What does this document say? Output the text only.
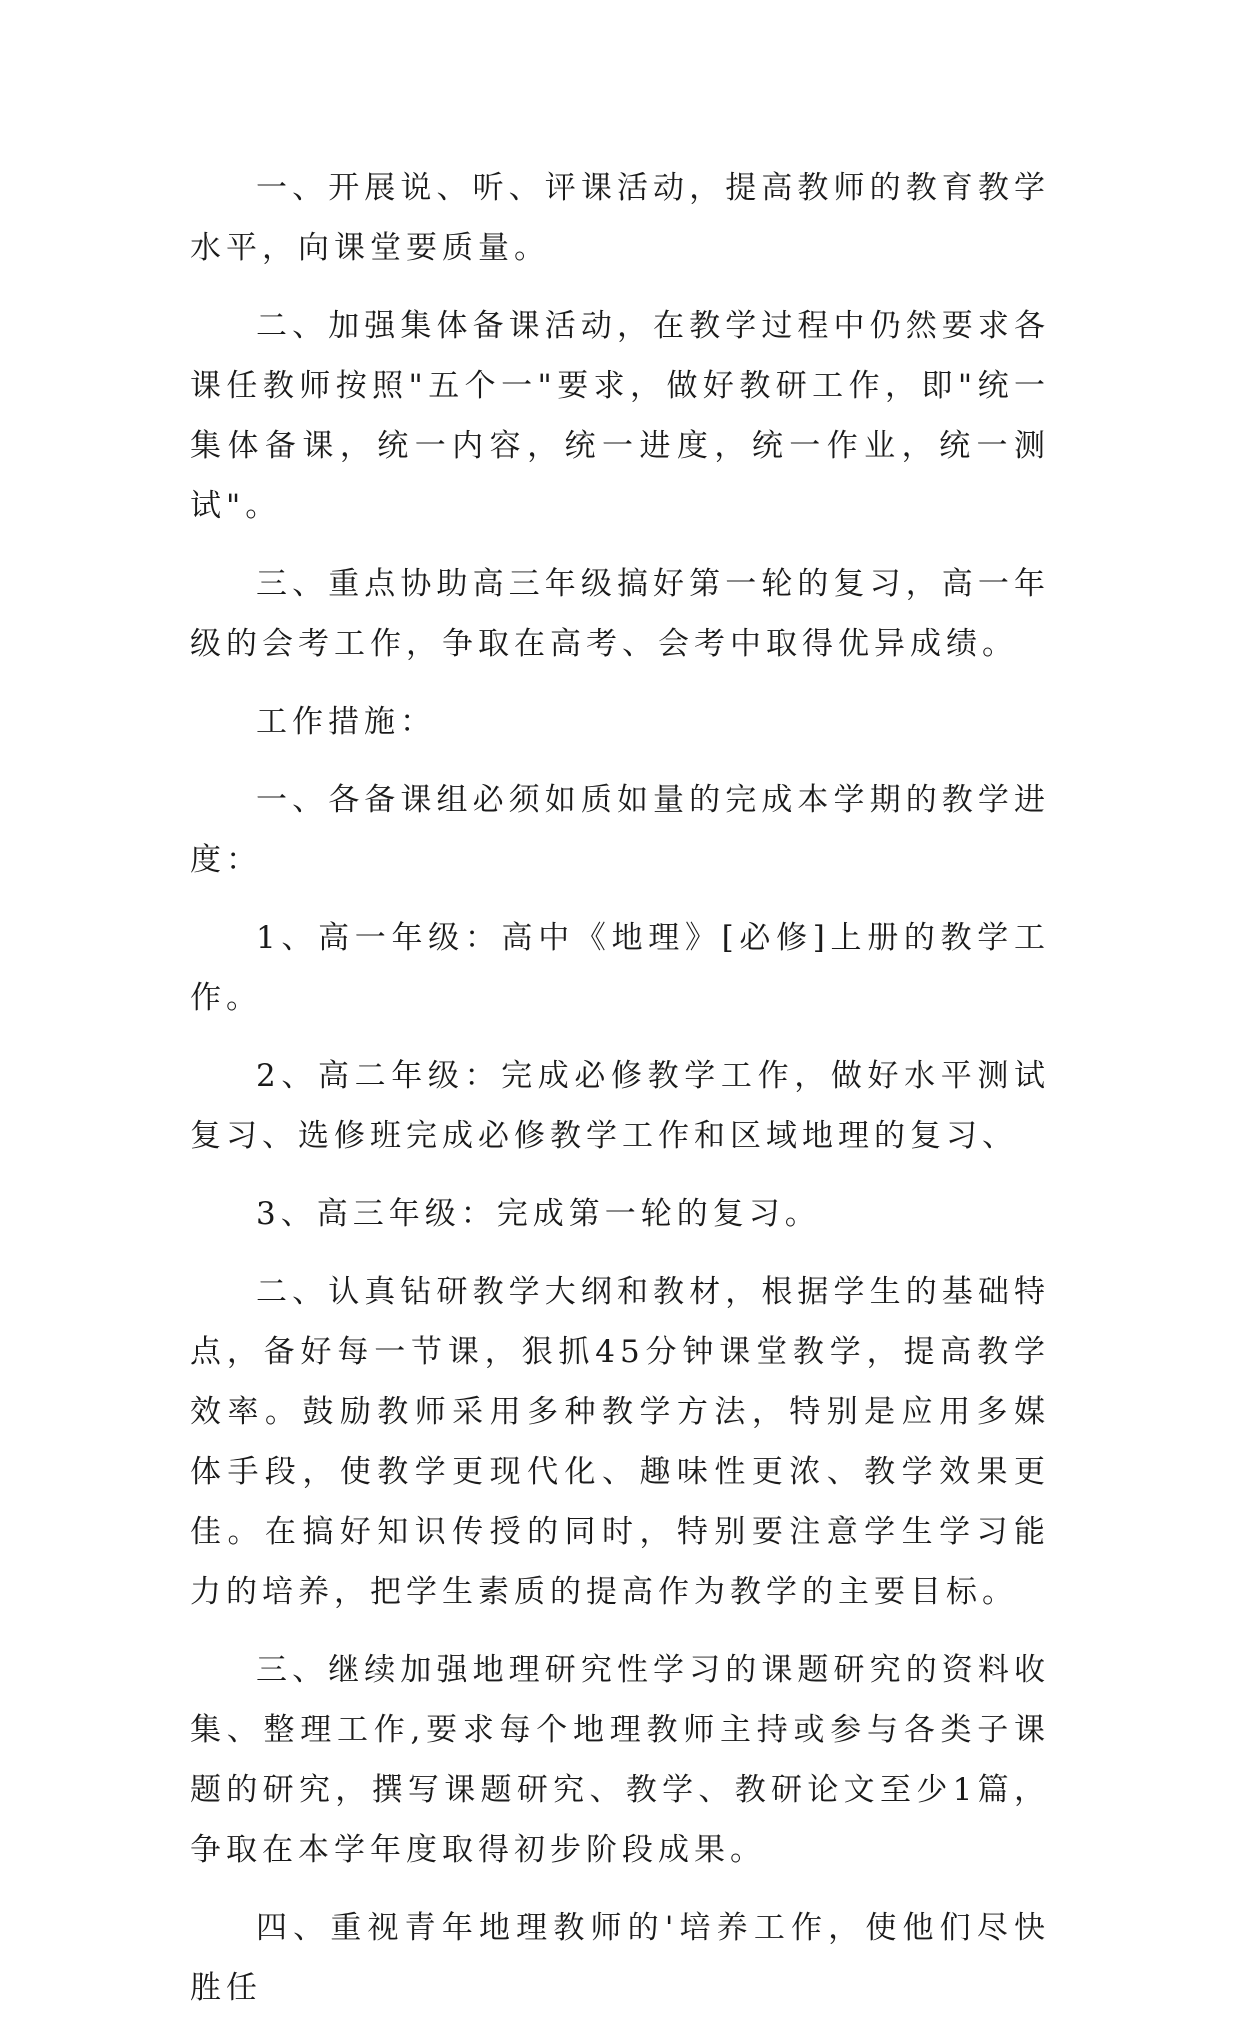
一、开展说、听、评课活动，提高教师的教育教学水平，向课堂要质量。

二、加强集体备课活动，在教学过程中仍然要求各课任教师按照"五个一"要求，做好教研工作，即"统一集体备课，统一内容，统一进度，统一作业，统一测试"。

三、重点协助高三年级搞好第一轮的复习，高一年级的会考工作，争取在高考、会考中取得优异成绩。

工作措施：

一、各备课组必须如质如量的完成本学期的教学进度：

1、高一年级：高中《地理》[必修]上册的教学工作。

2、高二年级：完成必修教学工作，做好水平测试复习、选修班完成必修教学工作和区域地理的复习、

3、高三年级：完成第一轮的复习。

二、认真钻研教学大纲和教材，根据学生的基础特点，备好每一节课，狠抓45分钟课堂教学，提高教学效率。鼓励教师采用多种教学方法，特别是应用多媒体手段，使教学更现代化、趣味性更浓、教学效果更佳。在搞好知识传授的同时，特别要注意学生学习能力的培养，把学生素质的提高作为教学的主要目标。

三、继续加强地理研究性学习的课题研究的资料收集、整理工作,要求每个地理教师主持或参与各类子课题的研究，撰写课题研究、教学、教研论文至少1篇，争取在本学年度取得初步阶段成果。

四、重视青年地理教师的'培养工作，使他们尽快胜任
